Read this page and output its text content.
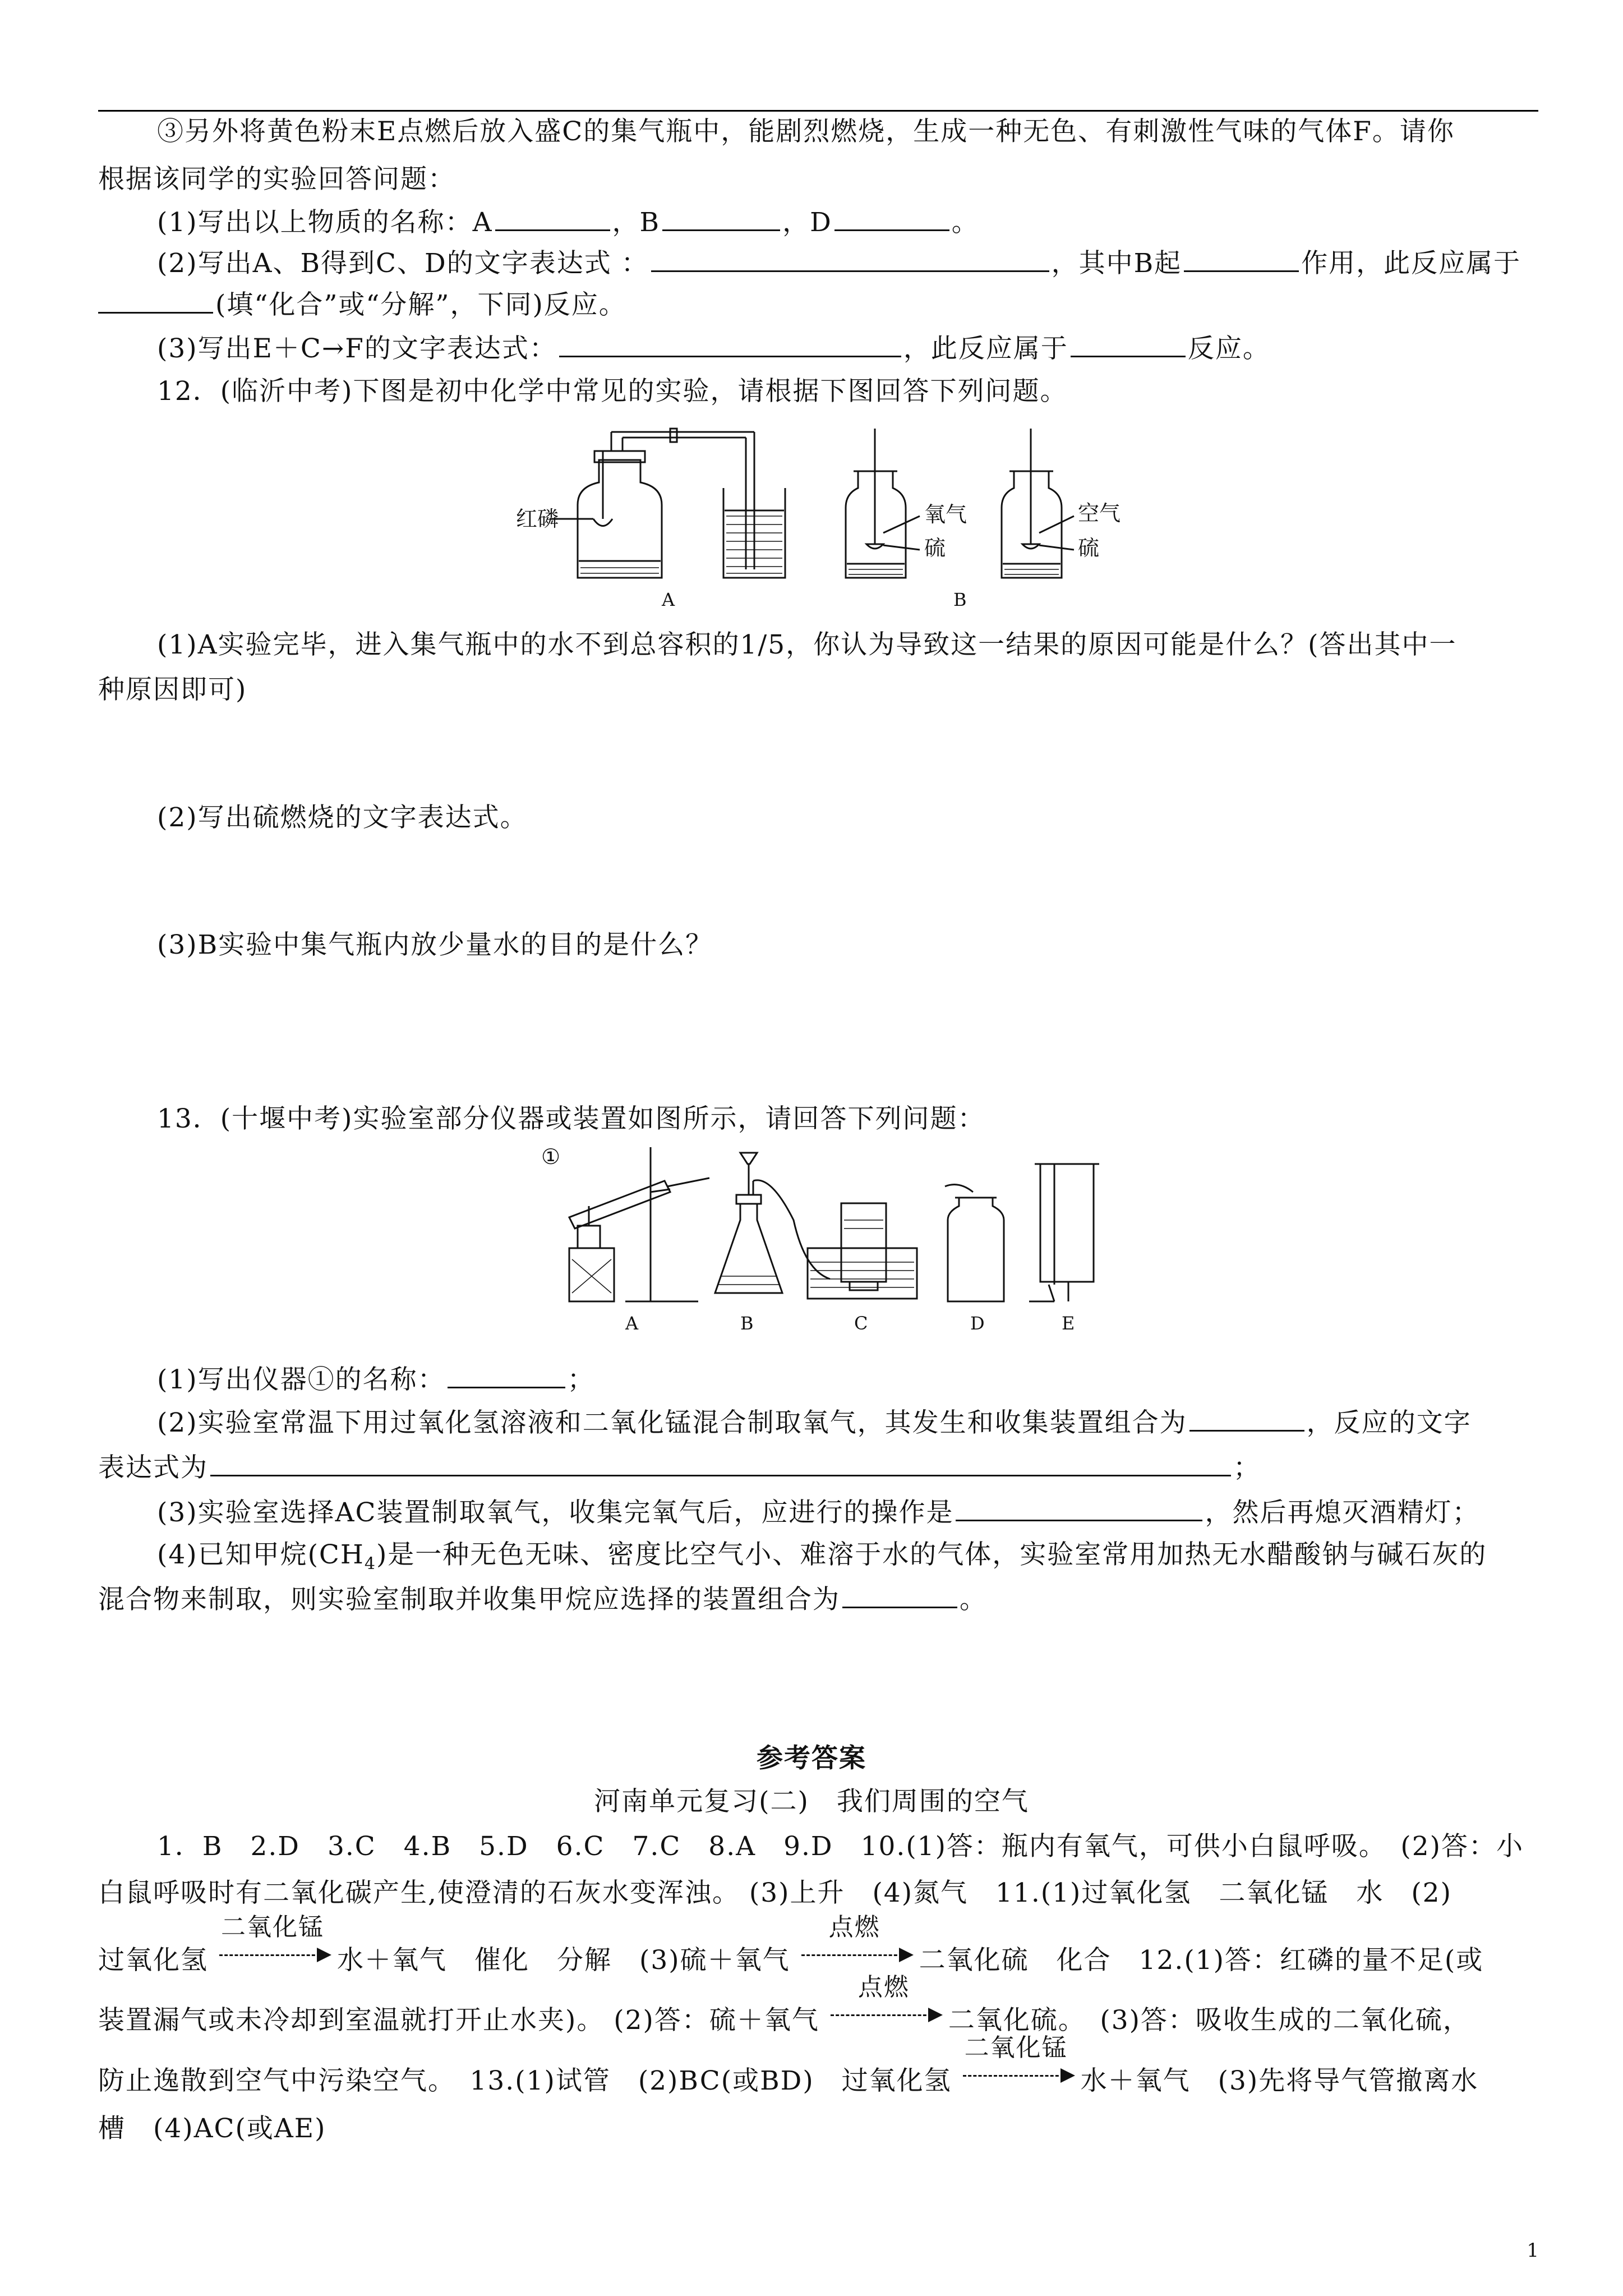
③另外将黄色粉末E点燃后放入盛C的集气瓶中，能剧烈燃烧，生成一种无色、有刺激性气味的气体F。请你
根据该同学的实验回答问题：
(1)写出以上物质的名称：A	，B	，D	。
(2)写出A、B得到C、D的文字表达式 ：	，其中B起	作用，此反应属于
(填“化合”或“分解”，下同)反应。
(3)写出E＋C→F的文字表达式：	，此反应属于	反应。
12．(临沂中考)下图是初中化学中常见的实验，请根据下图回答下列问题。
红磷	氧气
硫
空气
硫
A	B
(1)A实验完毕，进入集气瓶中的水不到总容积的1/5，你认为导致这一结果的原因可能是什么？(答出其中一
种原因即可)
(2)写出硫燃烧的文字表达式。
(3)B实验中集气瓶内放少量水的目的是什么？
13．(十堰中考)实验室部分仪器或装置如图所示，请回答下列问题：
①
A	B	C	D	E
(1)写出仪器①的名称：	；
(2)实验室常温下用过氧化氢溶液和二氧化锰混合制取氧气，其发生和收集装置组合为	，反应的文字
表达式为	；
(3)实验室选择AC装置制取氧气，收集完氧气后，应进行的操作是	，然后再熄灭酒精灯；
(4)已知甲烷$(CH_4)$是一种无色无味、密度比空气小、难溶于水的气体，实验室常用加热无水醋酸钠与碱石灰的
混合物来制取，则实验室制取并收集甲烷应选择的装置组合为	。
参考答案
河南单元复习(二)　我们周围的空气
1．B　2.D　3.C　4.B　5.D　6.C　7.C　8.A　9.D　10.(1)答：瓶内有氧气，可供小白鼠呼吸。　(2)答：小
白鼠呼吸时有二氧化碳产生,使澄清的石灰水变浑浊。 (3)上升　(4)氮气　11.(1)过氧化氢　二氧化锰　水　(2)
过氧化氢
二氧化锰
水＋氧气　催化　分解　(3)硫＋氧气
点燃
二氧化硫　化合　12.(1)答：红磷的量不足(或
装置漏气或未冷却到室温就打开止水夹)。 (2)答：硫＋氧气
点燃
二氧化硫。　(3)答：吸收生成的二氧化硫，
防止逸散到空气中污染空气。　13.(1)试管　(2)BC(或BD)　过氧化氢
二氧化锰
水＋氧气　(3)先将导气管撤离水
槽　(4)AC(或AE)
1
